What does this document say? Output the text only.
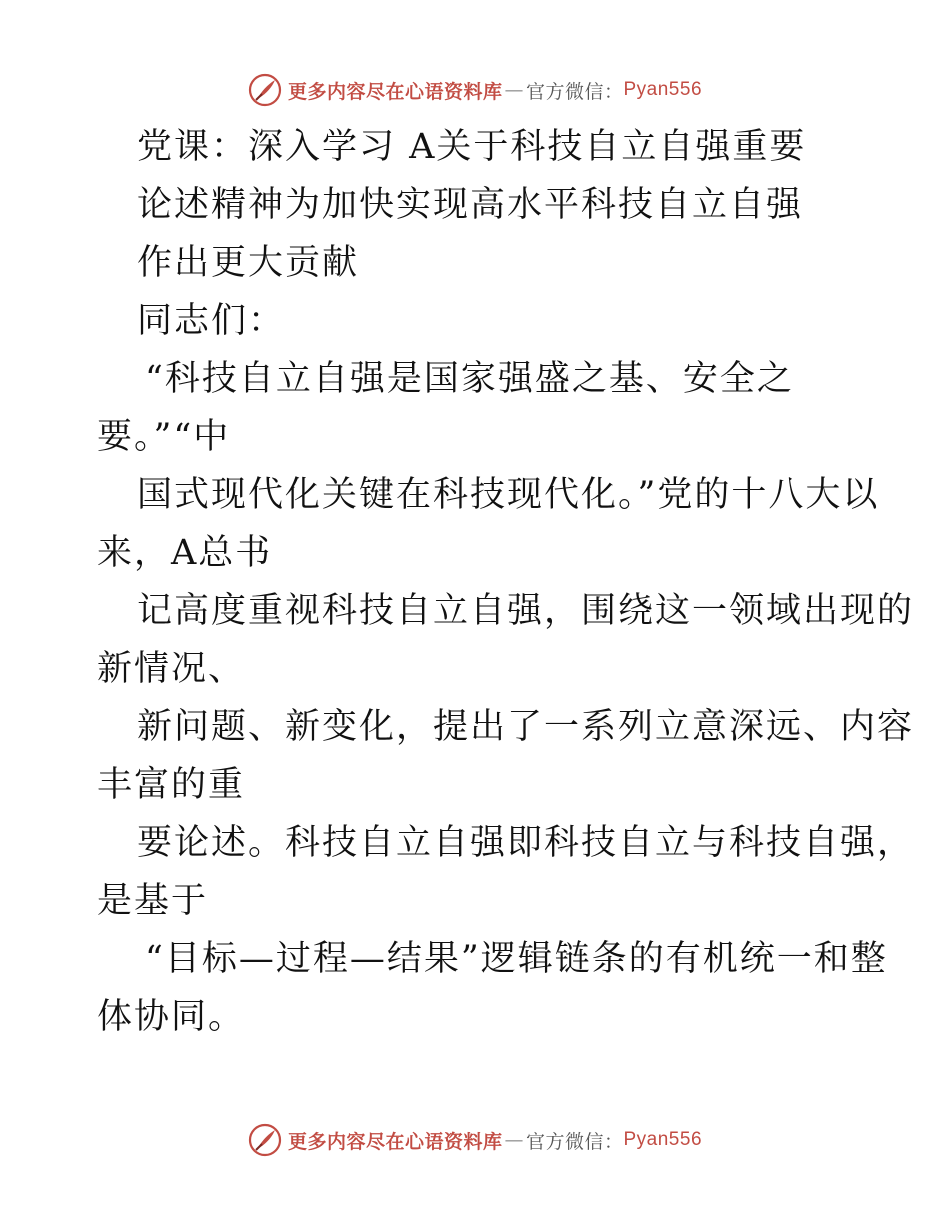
更多内容尽在心语资料库 — 官方微信： Pyan556
党课：深入学习 A关于科技自立自强重要
论述精神为加快实现高水平科技自立自强
作出更大贡献
同志们：
“科技自立自强是国家强盛之基、安全之
要。”“中
国式现代化关键在科技现代化。”党的十八大以
来，A总书
记高度重视科技自立自强，围绕这一领域出现的
新情况、
新问题、新变化，提出了一系列立意深远、内容
丰富的重
要论述。科技自立自强即科技自立与科技自强，
是基于
“目标—过程—结果”逻辑链条的有机统一和整
体协同。
更多内容尽在心语资料库 — 官方微信： Pyan556
